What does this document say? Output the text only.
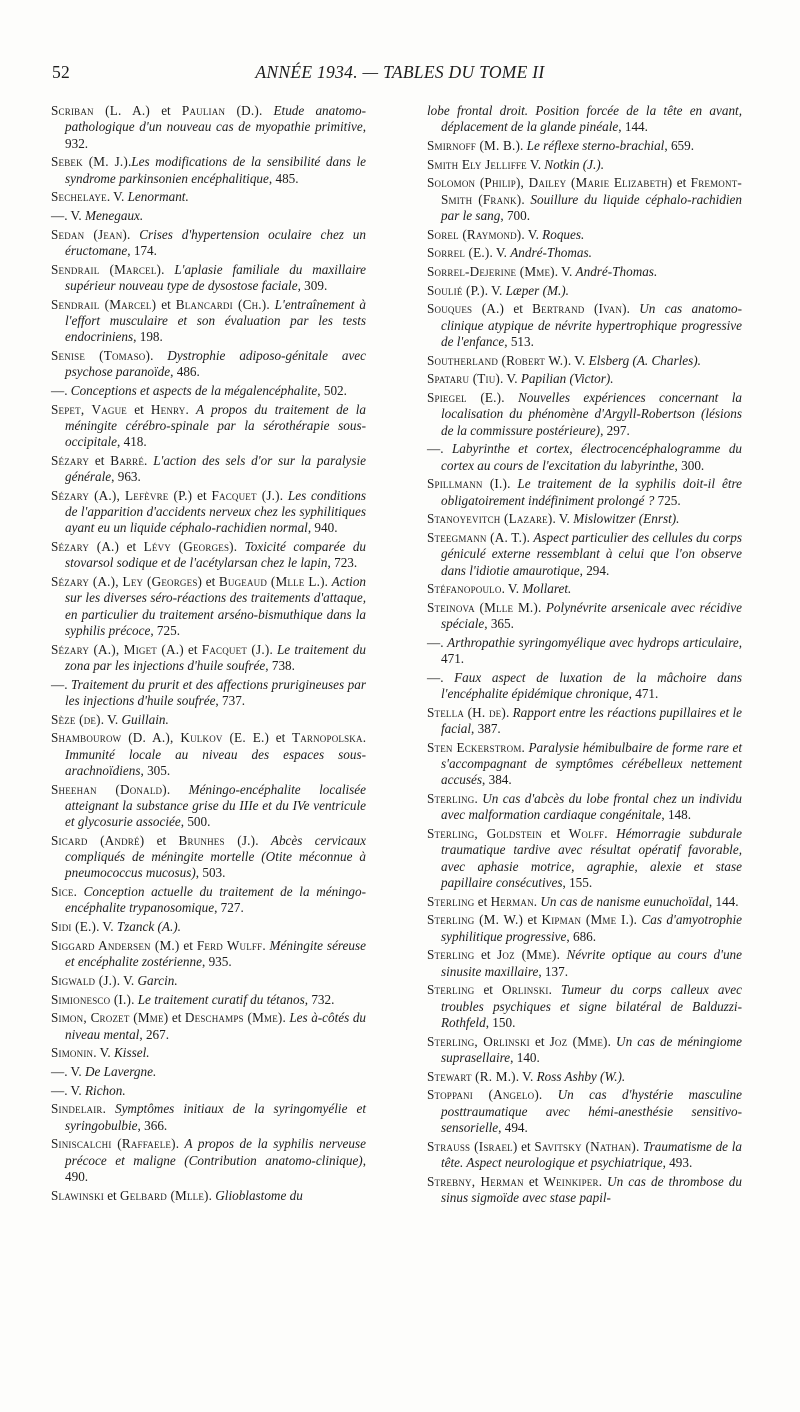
52	ANNÉE 1934. — TABLES DU TOME II

Scriban (L. A.) et Paulian (D.). Etude anatomo-pathologique d'un nouveau cas de myopathie primitive, 932.

Sebek (M. J.).Les modifications de la sensibilité dans le syndrome parkinsonien encéphalitique, 485.

Sechelaye. V. Lenormant.

—. V. Menegaux.

Sedan (Jean). Crises d'hypertension oculaire chez un éructomane, 174.

Sendrail (Marcel). L'aplasie familiale du maxillaire supérieur nouveau type de dysostose faciale, 309.

Sendrail (Marcel) et Blancardi (Ch.). L'entraînement à l'effort musculaire et son évaluation par les tests endocriniens, 198.

Senise (Tomaso). Dystrophie adiposo-génitale avec psychose paranoïde, 486.

—. Conceptions et aspects de la mégalencéphalite, 502.

Sepet, Vague et Henry. A propos du traitement de la méningite cérébro-spinale par la sérothérapie sous-occipitale, 418.

Sézary et Barré. L'action des sels d'or sur la paralysie générale, 963.

Sézary (A.), Lefèvre (P.) et Facquet (J.). Les conditions de l'apparition d'accidents nerveux chez les syphilitiques ayant eu un liquide céphalo-rachidien normal, 940.

Sézary (A.) et Lévy (Georges). Toxicité comparée du stovarsol sodique et de l'acétylarsan chez le lapin, 723.

Sézary (A.), Ley (Georges) et Bugeaud (Mlle L.). Action sur les diverses séro-réactions des traitements d'attaque, en particulier du traitement arséno-bismuthique dans la syphilis précoce, 725.

Sézary (A.), Miget (A.) et Facquet (J.). Le traitement du zona par les injections d'huile soufrée, 738.

—. Traitement du prurit et des affections prurigineuses par les injections d'huile soufrée, 737.

Sèze (de). V. Guillain.

Shambourow (D. A.), Kulkov (E. E.) et Tarnopolska. Immunité locale au niveau des espaces sous-arachnoïdiens, 305.

Sheehan (Donald). Méningo-encéphalite localisée atteignant la substance grise du IIIe et du IVe ventricule et glycosurie associée, 500.

Sicard (André) et Brunhes (J.). Abcès cervicaux compliqués de méningite mortelle (Otite méconnue à pneumococcus mucosus), 503.

Sice. Conception actuelle du traitement de la méningo-encéphalite trypanosomique, 727.

Sidi (E.). V. Tzanck (A.).

Siggard Andersen (M.) et Ferd Wulff. Méningite séreuse et encéphalite zostérienne, 935.

Sigwald (J.). V. Garcin.

Simionesco (I.). Le traitement curatif du tétanos, 732.

Simon, Crozet (Mme) et Deschamps (Mme). Les à-côtés du niveau mental, 267.

Simonin. V. Kissel.

—. V. De Lavergne.

—. V. Richon.

Sindelair. Symptômes initiaux de la syringomyélie et syringobulbie, 366.

Siniscalchi (Raffaele). A propos de la syphilis nerveuse précoce et maligne (Contribution anatomo-clinique), 490.

Slawinski et Gelbard (Mlle). Glioblastome du

lobe frontal droit. Position forcée de la tête en avant, déplacement de la glande pinéale, 144.

Smirnoff (M. B.). Le réflexe sterno-brachial, 659.

Smith Ely Jelliffe V. Notkin (J.).

Solomon (Philip), Dailey (Marie Elizabeth) et Fremont-Smith (Frank). Souillure du liquide céphalo-rachidien par le sang, 700.

Sorel (Raymond). V. Roques.

Sorrel (E.). V. André-Thomas.

Sorrel-Dejerine (Mme). V. André-Thomas.

Soulié (P.). V. Læper (M.).

Souques (A.) et Bertrand (Ivan). Un cas anatomo-clinique atypique de névrite hypertrophique progressive de l'enfance, 513.

Southerland (Robert W.). V. Elsberg (A. Charles).

Spataru (Tiu). V. Papilian (Victor).

Spiegel (E.). Nouvelles expériences concernant la localisation du phénomène d'Argyll-Robertson (lésions de la commissure postérieure), 297.

—. Labyrinthe et cortex, électrocencéphalogramme du cortex au cours de l'excitation du labyrinthe, 300.

Spillmann (I.). Le traitement de la syphilis doit-il être obligatoirement indéfiniment prolongé ? 725.

Stanoyevitch (Lazare). V. Mislowitzer (Enrst).

Steegmann (A. T.). Aspect particulier des cellules du corps géniculé externe ressemblant à celui que l'on observe dans l'idiotie amaurotique, 294.

Stéfanopoulo. V. Mollaret.

Steinova (Mlle M.). Polynévrite arsenicale avec récidive spéciale, 365.

—. Arthropathie syringomyélique avec hydrops articulaire, 471.

—. Faux aspect de luxation de la mâchoire dans l'encéphalite épidémique chronique, 471.

Stella (H. de). Rapport entre les réactions pupillaires et le facial, 387.

Sten Eckerstrom. Paralysie hémibulbaire de forme rare et s'accompagnant de symptômes cérébelleux nettement accusés, 384.

Sterling. Un cas d'abcès du lobe frontal chez un individu avec malformation cardiaque congénitale, 148.

Sterling, Goldstein et Wolff. Hémorragie subdurale traumatique tardive avec résultat opératif favorable, avec aphasie motrice, agraphie, alexie et stase papillaire consécutives, 155.

Sterling et Herman. Un cas de nanisme eunuchoïdal, 144.

Sterling (M. W.) et Kipman (Mme I.). Cas d'amyotrophie syphilitique progressive, 686.

Sterling et Joz (Mme). Névrite optique au cours d'une sinusite maxillaire, 137.

Sterling et Orlinski. Tumeur du corps calleux avec troubles psychiques et signe bilatéral de Balduzzi-Rothfeld, 150.

Sterling, Orlinski et Joz (Mme). Un cas de méningiome suprasellaire, 140.

Stewart (R. M.). V. Ross Ashby (W.).

Stoppani (Angelo). Un cas d'hystérie masculine posttraumatique avec hémi-anesthésie sensitivo-sensorielle, 494.

Strauss (Israel) et Savitsky (Nathan). Traumatisme de la tête. Aspect neurologique et psychiatrique, 493.

Strebny, Herman et Weinkiper. Un cas de thrombose du sinus sigmoïde avec stase papil-
